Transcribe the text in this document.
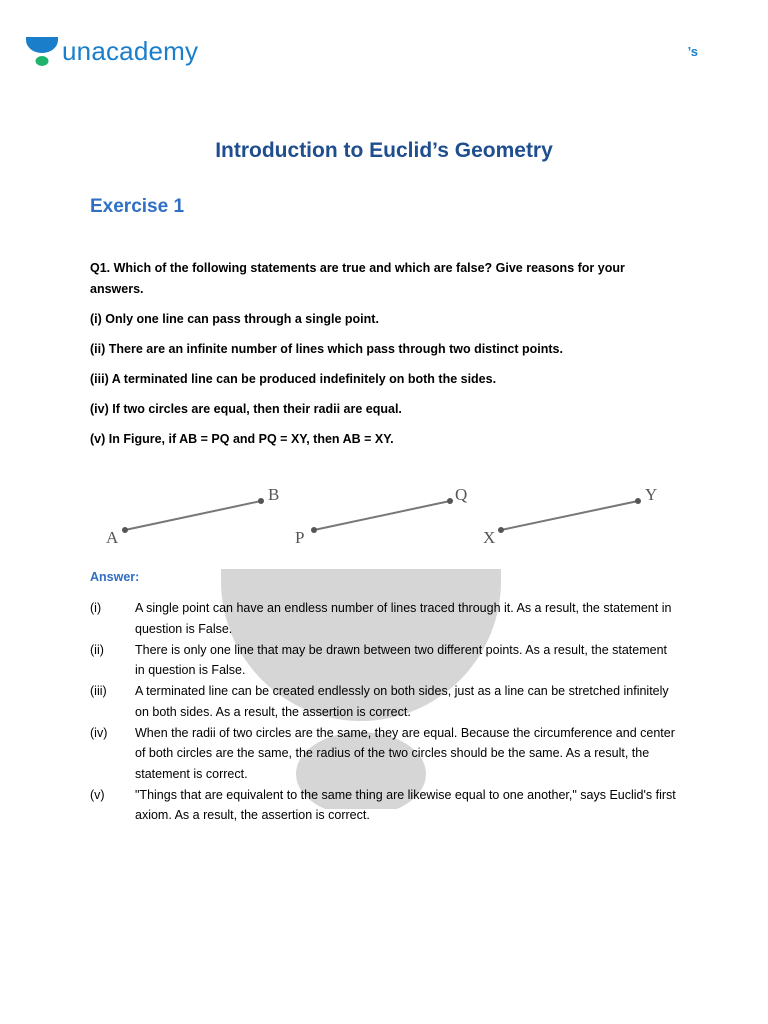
unacademy	’s
Introduction to Euclid’s Geometry
Exercise 1

Q1. Which of the following statements are true and which are false? Give reasons for your answers.

(i) Only one line can pass through a single point.

(ii) There are an infinite number of lines which pass through two distinct points.

(iii) A terminated line can be produced indefinitely on both the sides.

(iv) If two circles are equal, then their radii are equal.

(v) In Figure, if AB = PQ and PQ = XY, then AB = XY.

A
B
P
Q
X
Y
Answer:
(i)	A single point can have an endless number of lines traced through it. As a result, the statement in question is False.
(ii)	There is only one line that may be drawn between two different points. As a result, the statement in question is False.
(iii)	A terminated line can be created endlessly on both sides, just as a line can be stretched infinitely on both sides. As a result, the assertion is correct.
(iv)	When the radii of two circles are the same, they are equal. Because the circumference and center of both circles are the same, the radius of the two circles should be the same. As a result, the statement is correct.
(v)	"Things that are equivalent to the same thing are likewise equal to one another," says Euclid's first axiom. As a result, the assertion is correct.
